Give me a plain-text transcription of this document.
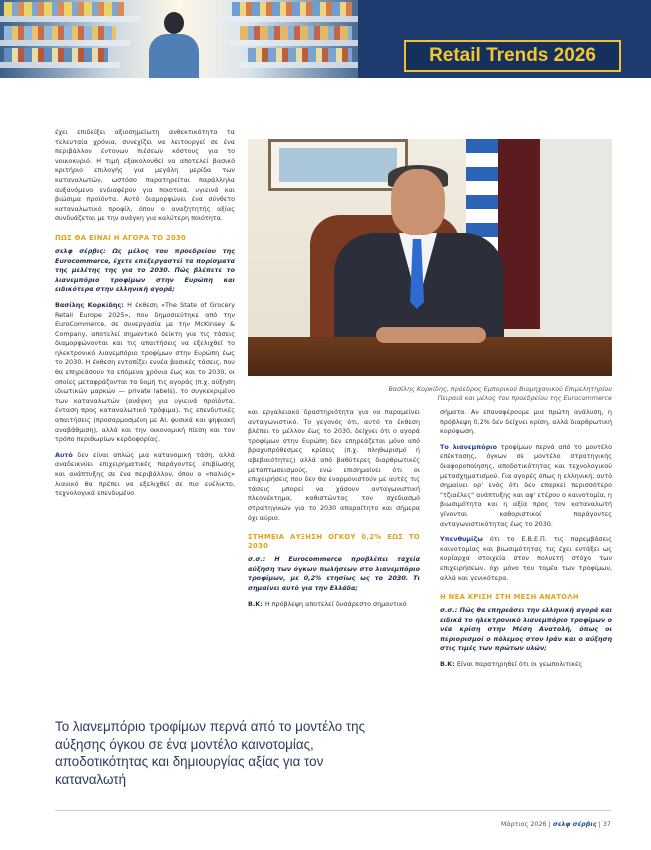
Retail Trends 2026

έχει επιδείξει αξιοσημείωτη ανθεκτικότητα τα τελευταία χρόνια, συνεχίζει να λειτουργεί σε ένα περιβάλλον έντονων πιέσεων κόστους για το νοικοκυριό. Η τιμή εξακολουθεί να αποτελεί βασικό κριτήριο επιλογής για μεγάλη μερίδα των καταναλωτών, ωστόσο παρατηρείται παράλληλα αυξανόμενο ενδιαφέρον για ποιοτικά, υγιεινά και βιώσιμα προϊόντα. Αυτό διαμορφώνει ένα σύνθετο καταναλωτικό προφίλ, όπου ο αναζητητής αξίας συνδυάζεται με την ανάγκη για καλύτερη ποιότητα.

ΠΩΣ ΘΑ ΕΙΝΑΙ Η ΑΓΟΡΑ ΤΟ 2030

σελφ σέρβις: Ως μέλος του προεδρείου της Eurocommerce, έχετε επεξεργαστεί τα πορίσματα της μελέτης της για το 2030. Πώς βλέπετε το λιανεμπόριο τροφίμων στην Ευρώπη και ειδικότερα στην ελληνική αγορά;

Βασίλης Κορκίδης: Η έκθεση «The State of Grocery Retail Europe 2025», που δημοσιεύτηκε από την EuroCommerce, σε συνεργασία με την McKinsey & Company, αποτελεί σημαντικό δείκτη για τις τάσεις διαμορφώνονται και τις απαιτήσεις να εξελιχθεί το ηλεκτρονικό λιανεμπόριο τροφίμων στην Ευρώπη έως το 2030. Η έκθεση εντοπίζει εννέα βασικές τάσεις, που θα επηρεάσουν τα επόμενα χρόνια έως και το 2030, οι οποίες μεταφράζονται τα δομή τις αγοράς (π.χ. αύξηση ιδιωτικών μαρκών — private labels), το συγκεκριμένο των καταναλωτών (ανάγκη για υγιεινά προϊόντα, ένταση προς καταναλωτικό τρόφιμα), τις επενδυτικές απαιτήσεις (προσαρμοσμένη με AI, φυσικά και ψηφιακή αναβάθμιση), αλλά και την οικονομική πίεση και τον τρόπο περιθωρίων κερδοφορίας.

Αυτό δεν είναι απλώς μια κατανομική τάση, αλλά αναδεικνύει επιχειρηματικές παράγοντες επιβίωσης και ανάπτυξης σε ένα περιβάλλον, όπου ο «παλιός» λιανικό θα πρέπει να εξελιχθεί σε πιο ευέλικτο, τεχνολογικά επενδυμένο

Βασίλης Κορκίδης, πρόεδρος Εμπορικού Βιομηχανικού Επιμελητηρίου
Πειραιά και μέλος του προεδρείου της Eurocommerce

και εργαλειακό δραστηριότητα για να παραμείνει ανταγωνιστικό. Το γεγονός ότι, αυτό το έκθεση βλέπει το μέλλον έως το 2030, δείχνει ότι ο αγορά τροφίμων στην Ευρώπη δεν επηρεάζεται μόνο από βραχυπρόθεσμες κρίσεις (π.χ. πληθωρισμό ή αβεβαιότητες) αλλά από βαθύτερες διαρθρωτικές μεταπτωσεισμούς, ενώ επισημαίνει ότι οι επιχειρήσεις που δεν θα εναρμονιστούν με αυτές τις τάσεις μπορεί να χάσουν ανταγωνιστική πλεονέκτημα, καθιστώντας τον σχεδιασμό στρατηγικών για το 2030 απαραίτητο και σήμερα όχι αύριο.

ΣΤΗΜΕΙΑ ΑΥΞΗΣΗ ΟΓΚΟΥ 0,2% ΕΩΣ ΤΟ 2030

σ.σ.: Η Eurocommerce προβλέπει ταχεία αύξηση των όγκων πωλήσεων στο λιανεμπόριο τροφίμων, με 0,2% ετησίως ως το 2030. Τι σημαίνει αυτό για την Ελλάδα;

Β.Κ: Η πρόβλεψη αποτελεί δυσάρεστο σημαντικό

σήματα. Αν επαναφέρουμε μια πρώτη ανάλυση, η πρόβλεψη 0,2% δεν δείχνει κρίση, αλλά διαρθρωτική κορύφωση.

Το λιανεμπόριο τροφίμων περνά από το μοντέλο επέκτασης, όγκων σε μοντέλο στρατηγικής διαφοροποίησης, αποδοτικότητας και τεχνολογικού μετασχηματισμού. Για αγορές όπως η ελληνική, αυτό σημαίνει ορ' ενός ότι δεν επαρκεί περισσότερο "τζιαέλες" ανάπτυξης και αφ' ετέρου ο καινοτομία, η βιωσιμότητα και η αξία προς τον καταναλωτή γίνονται καθοριστικοί παράγοντες ανταγωνιστικότητας έως το 2030.

Υπενθυμίζω ότι το Ε.Β.Ε.Π. τις παρεμβάσεις καινοτομίας και βιωσιμότητας τις έχει εντάξει ως κυρίαρχα στοιχεία στον πολυετή στόχο των επιχειρήσεων, όχι μόνο του τομέα των τροφίμων, αλλά και γενικότερα.

Η ΝΕΑ ΚΡΙΣΗ ΣΤΗ ΜΕΣΗ ΑΝΑΤΟΛΗ

σ.σ.: Πώς θα επηρεάσει την ελληνική αγορά και ειδικά το ηλεκτρονικό λιανεμπόριο τροφίμων ο νέα κρίση στην Μέση Ανατολή, όπως οι περιορισμοί ο πόλεμος στον Ιράν και ο αύξηση στις τιμές των πρώτων υλών;

Β.Κ: Είναι παρατηρηθεί ότι οι γεωπολιτικές

Το λιανεμπόριο τροφίμων περνά από το μοντέλο της αύξησης όγκου σε ένα μοντέλο καινοτομίας, αποδοτικότητας και δημιουργίας αξίας για τον καταναλωτή
Μάρτιος 2026 | σελφ σέρβις | 37
